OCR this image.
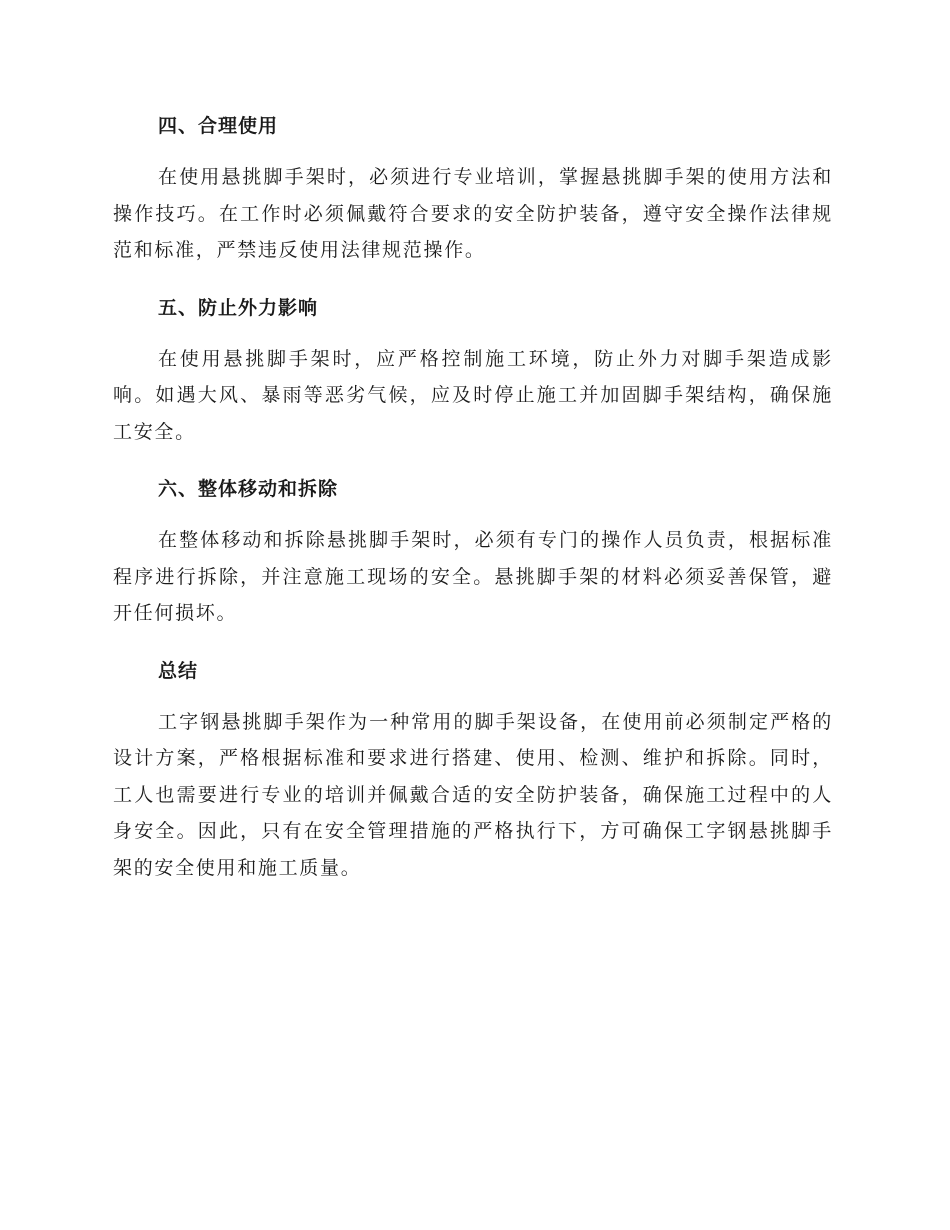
四、合理使用

在使用悬挑脚手架时，必须进行专业培训，掌握悬挑脚手架的使用方法和操作技巧。在工作时必须佩戴符合要求的安全防护装备，遵守安全操作法律规范和标准，严禁违反使用法律规范操作。

五、防止外力影响

在使用悬挑脚手架时，应严格控制施工环境，防止外力对脚手架造成影响。如遇大风、暴雨等恶劣气候，应及时停止施工并加固脚手架结构，确保施工安全。

六、整体移动和拆除

在整体移动和拆除悬挑脚手架时，必须有专门的操作人员负责，根据标准程序进行拆除，并注意施工现场的安全。悬挑脚手架的材料必须妥善保管，避开任何损坏。

总结

工字钢悬挑脚手架作为一种常用的脚手架设备，在使用前必须制定严格的设计方案，严格根据标准和要求进行搭建、使用、检测、维护和拆除。同时，工人也需要进行专业的培训并佩戴合适的安全防护装备，确保施工过程中的人身安全。因此，只有在安全管理措施的严格执行下，方可确保工字钢悬挑脚手架的安全使用和施工质量。
